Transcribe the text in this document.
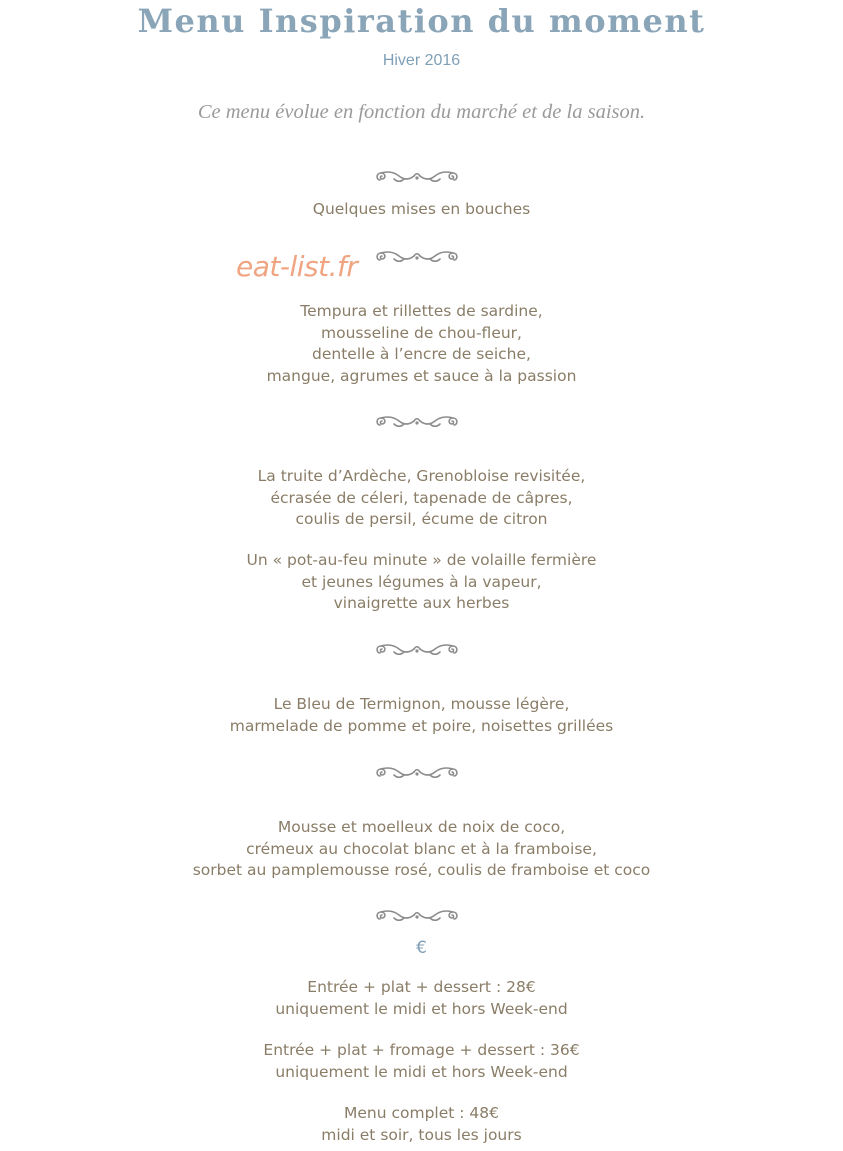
Menu Inspiration du moment
Hiver 2016
Ce menu évolue en fonction du marché et de la saison.
Quelques mises en bouches
eat-list.fr
Tempura et rillettes de sardine,
mousseline de chou-fleur,
dentelle à l’encre de seiche,
mangue, agrumes et sauce à la passion
La truite d’Ardèche, Grenobloise revisitée,
écrasée de céleri, tapenade de câpres,
coulis de persil, écume de citron
Un « pot-au-feu minute » de volaille fermière
et jeunes légumes à la vapeur,
vinaigrette aux herbes
Le Bleu de Termignon, mousse légère,
marmelade de pomme et poire, noisettes grillées
Mousse et moelleux de noix de coco,
crémeux au chocolat blanc et à la framboise,
sorbet au pamplemousse rosé, coulis de framboise et coco
€
Entrée + plat + dessert : 28€
uniquement le midi et hors Week-end
Entrée + plat + fromage + dessert : 36€
uniquement le midi et hors Week-end
Menu complet : 48€
midi et soir, tous les jours
